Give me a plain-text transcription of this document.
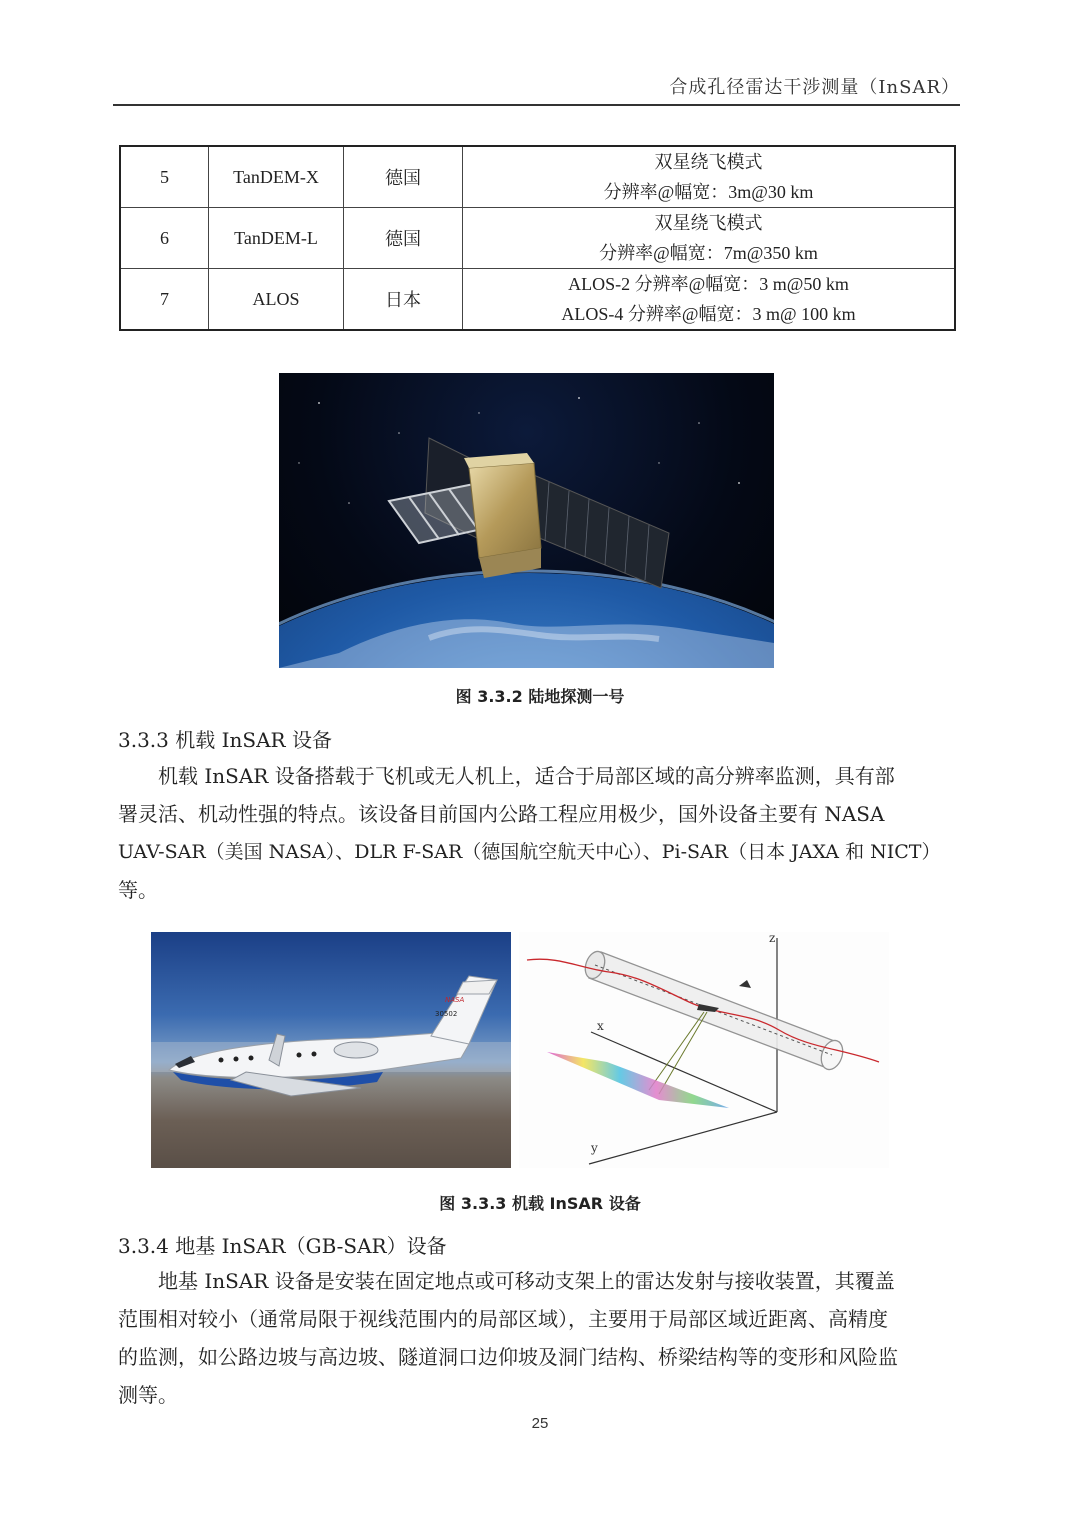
合成孔径雷达干涉测量（InSAR）
5	TanDEM-X	德国	双星绕飞模式
分辨率@幅宽：3m@30 km

6	TanDEM-L	德国	双星绕飞模式
分辨率@幅宽：7m@350 km

7	ALOS	日本	ALOS-2 分辨率@幅宽：3 m@50 km
ALOS-4 分辨率@幅宽：3 m@ 100 km
图 3.3.2 陆地探测一号
3.3.3 机载 InSAR 设备

机载 InSAR 设备搭载于飞机或无人机上，适合于局部区域的高分辨率监测，具有部
署灵活、机动性强的特点。该设备目前国内公路工程应用极少，国外设备主要有 NASA
UAV-SAR（美国 NASA）、DLR F-SAR（德国航空航天中心）、Pi-SAR（日本 JAXA 和 NICT）
等。

30502
NASA
z
x
y
图 3.3.3 机载 InSAR 设备
3.3.4 地基 InSAR（GB-SAR）设备

地基 InSAR 设备是安装在固定地点或可移动支架上的雷达发射与接收装置，其覆盖
范围相对较小（通常局限于视线范围内的局部区域），主要用于局部区域近距离、高精度
的监测，如公路边坡与高边坡、隧道洞口边仰坡及洞门结构、桥梁结构等的变形和风险监
测等。

25
